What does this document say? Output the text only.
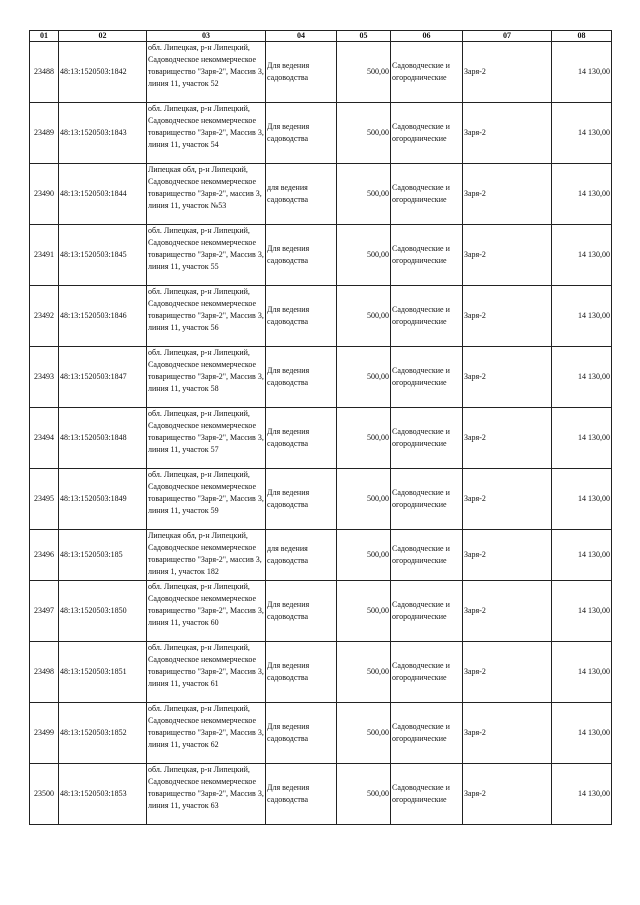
01	02	03	04	05	06	07	08
23488	48:13:1520503:1842	обл. Липецкая, р-н Липецкий, Садоводческое некоммерческое товарищество "Заря-2", Массив 3, линия 11, участок 52	Для ведения садоводства	500,00	Садоводческие и огороднические	Заря-2	14 130,00
23489	48:13:1520503:1843	обл. Липецкая, р-н Липецкий, Садоводческое некоммерческое товарищество "Заря-2", Массив 3, линия 11, участок 54	Для ведения садоводства	500,00	Садоводческие и огороднические	Заря-2	14 130,00
23490	48:13:1520503:1844	Липецкая обл, р-н Липецкий, Садоводческое некоммерческое товарищество "Заря-2", массив 3, линия 11, участок №53	для ведения садоводства	500,00	Садоводческие и огороднические	Заря-2	14 130,00
23491	48:13:1520503:1845	обл. Липецкая, р-н Липецкий, Садоводческое некоммерческое товарищество "Заря-2", Массив 3, линия 11, участок 55	Для ведения садоводства	500,00	Садоводческие и огороднические	Заря-2	14 130,00
23492	48:13:1520503:1846	обл. Липецкая, р-н Липецкий, Садоводческое некоммерческое товарищество "Заря-2", Массив 3, линия 11, участок 56	Для ведения садоводства	500,00	Садоводческие и огороднические	Заря-2	14 130,00
23493	48:13:1520503:1847	обл. Липецкая, р-н Липецкий, Садоводческое некоммерческое товарищество "Заря-2", Массив 3, линия 11, участок 58	Для ведения садоводства	500,00	Садоводческие и огороднические	Заря-2	14 130,00
23494	48:13:1520503:1848	обл. Липецкая, р-н Липецкий, Садоводческое некоммерческое товарищество "Заря-2", Массив 3, линия 11, участок 57	Для ведения садоводства	500,00	Садоводческие и огороднические	Заря-2	14 130,00
23495	48:13:1520503:1849	обл. Липецкая, р-н Липецкий, Садоводческое некоммерческое товарищество "Заря-2", Массив 3, линия 11, участок 59	Для ведения садоводства	500,00	Садоводческие и огороднические	Заря-2	14 130,00
23496	48:13:1520503:185	Липецкая обл, р-н Липецкий, Садоводческое некоммерческое товарищество "Заря-2", массив 3, линия 1, участок 182	для ведения садоводства	500,00	Садоводческие и огороднические	Заря-2	14 130,00
23497	48:13:1520503:1850	обл. Липецкая, р-н Липецкий, Садоводческое некоммерческое товарищество "Заря-2", Массив 3, линия 11, участок 60	Для ведения садоводства	500,00	Садоводческие и огороднические	Заря-2	14 130,00
23498	48:13:1520503:1851	обл. Липецкая, р-н Липецкий, Садоводческое некоммерческое товарищество "Заря-2", Массив 3, линия 11, участок 61	Для ведения садоводства	500,00	Садоводческие и огороднические	Заря-2	14 130,00
23499	48:13:1520503:1852	обл. Липецкая, р-н Липецкий, Садоводческое некоммерческое товарищество "Заря-2", Массив 3, линия 11, участок 62	Для ведения садоводства	500,00	Садоводческие и огороднические	Заря-2	14 130,00
23500	48:13:1520503:1853	обл. Липецкая, р-н Липецкий, Садоводческое некоммерческое товарищество "Заря-2", Массив 3, линия 11, участок 63	Для ведения садоводства	500,00	Садоводческие и огороднические	Заря-2	14 130,00
